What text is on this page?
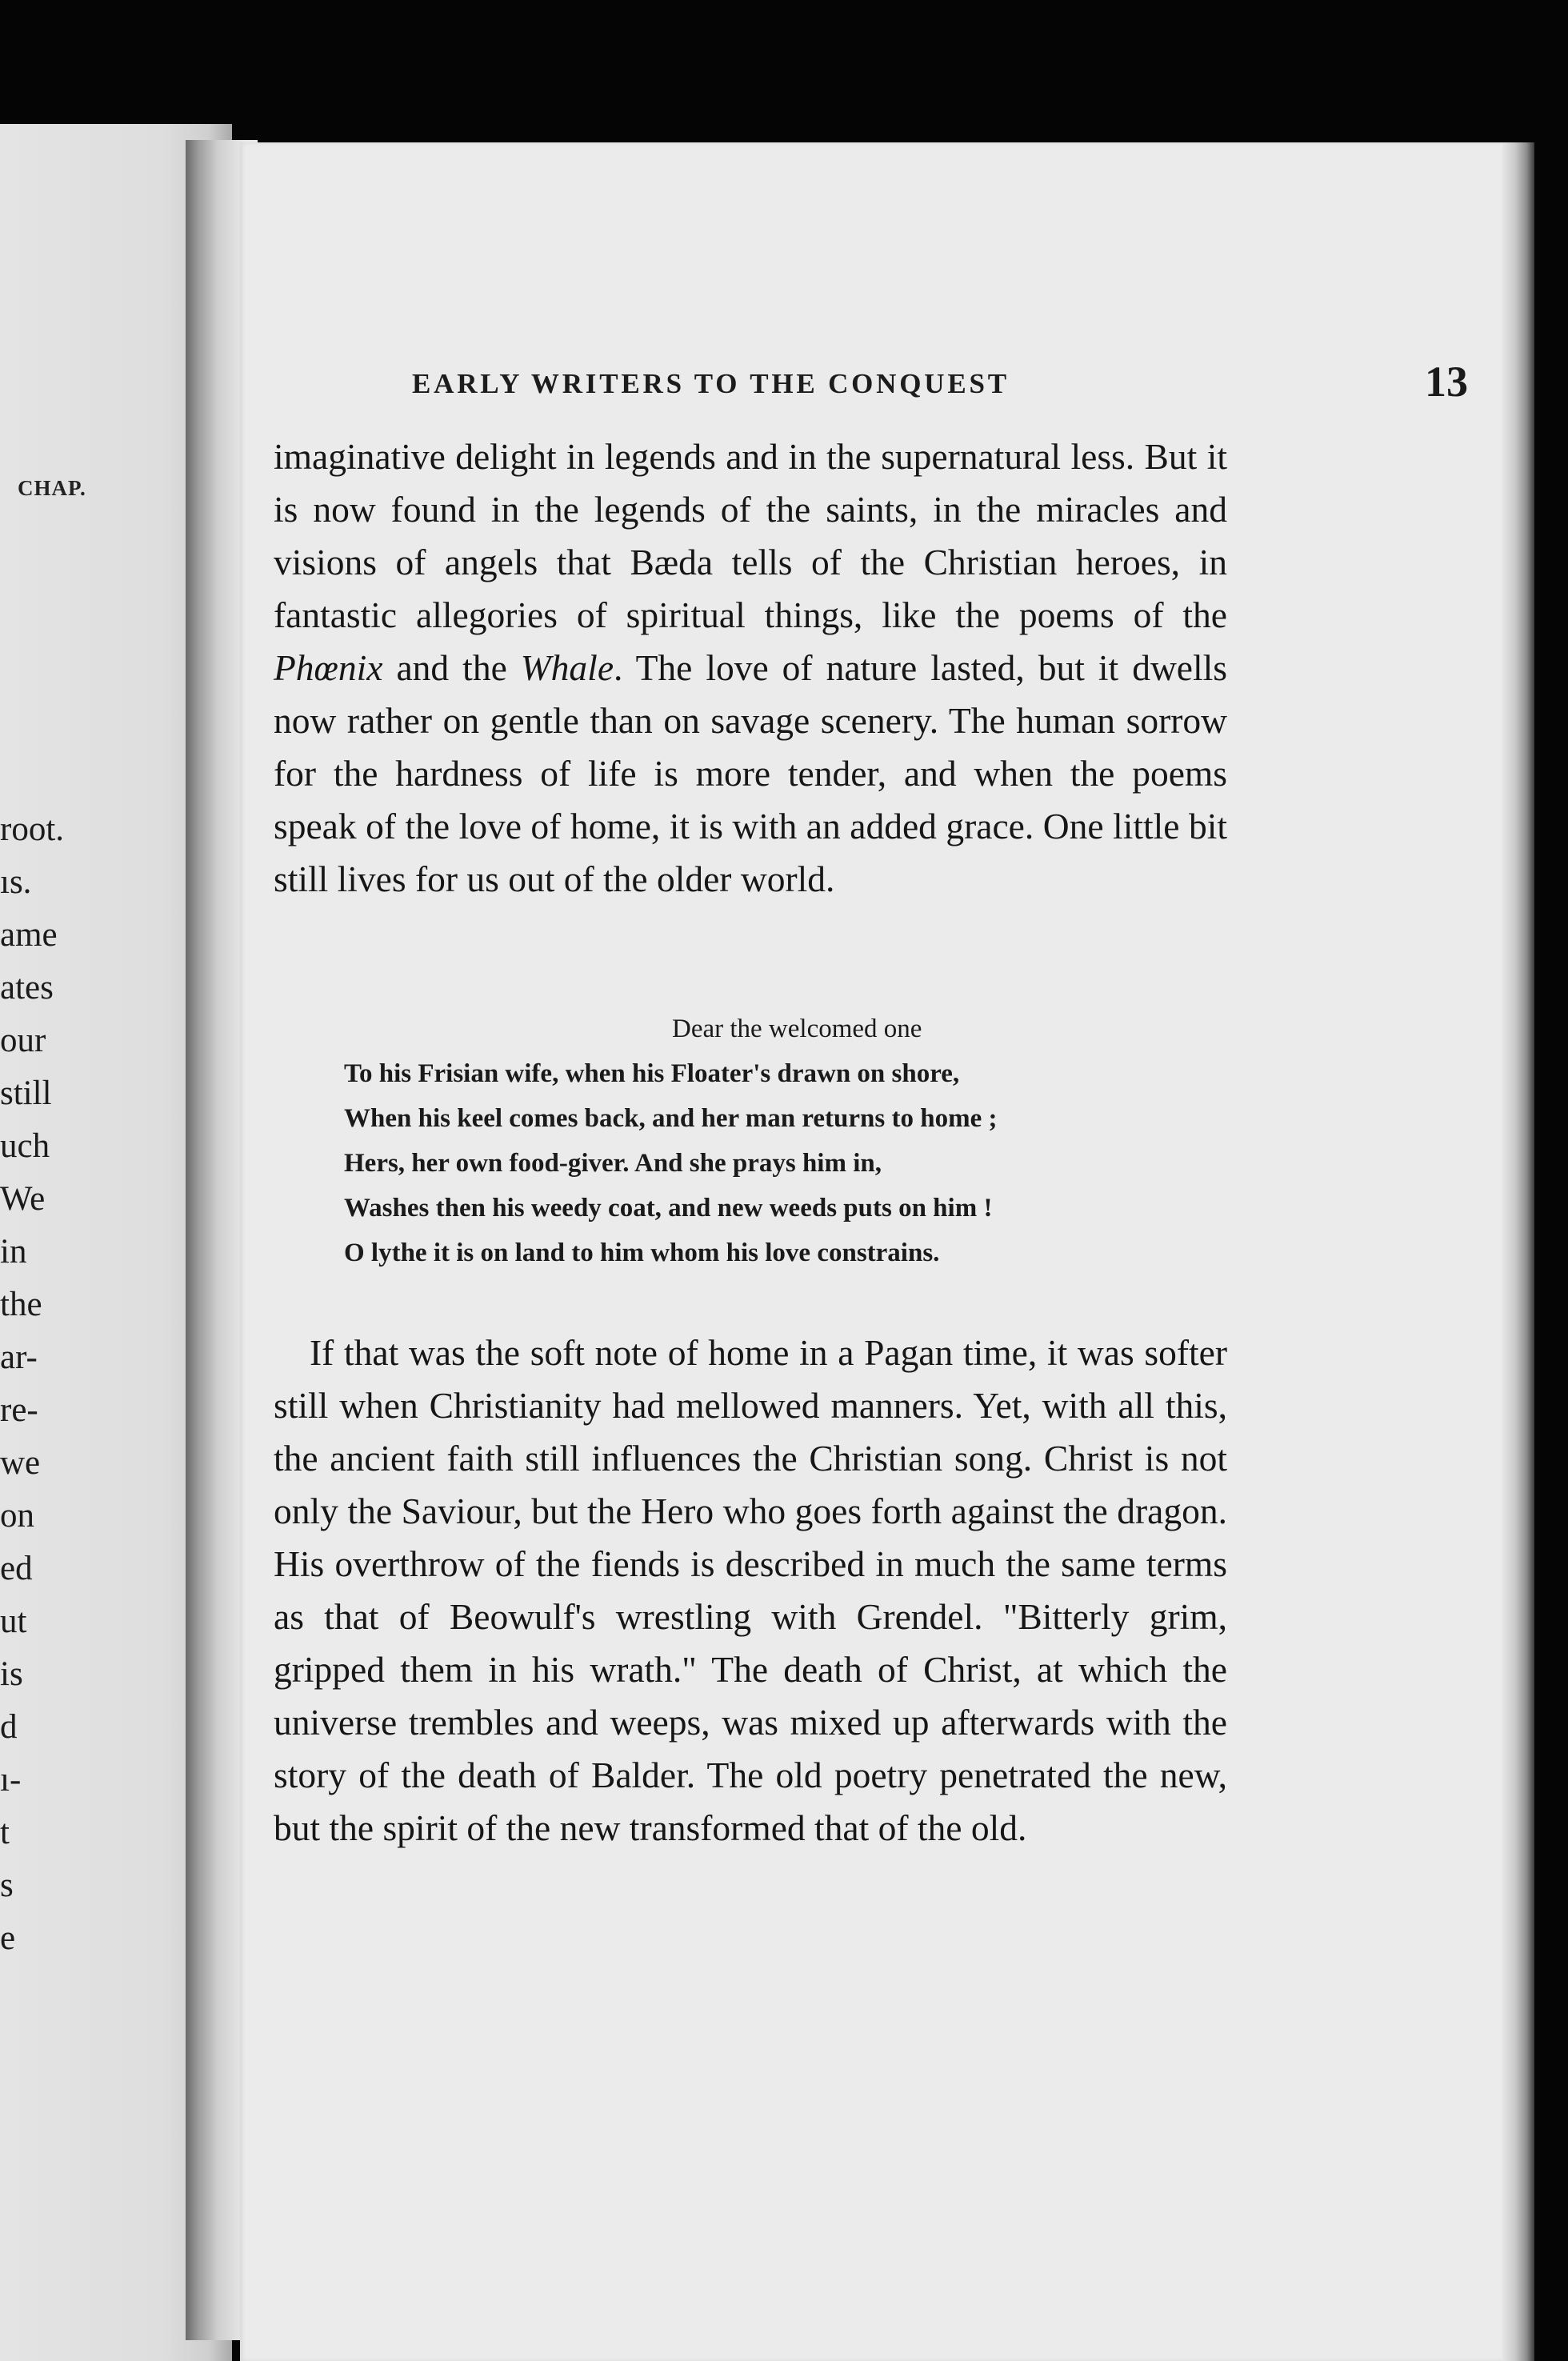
CHAP.
root.
ıs.
ame
ates
our
still
uch
We
in
the
ar-
re-
we
on
ed
ut
is
d
ı-
t
s
e
EARLY WRITERS TO THE CONQUEST	13

imaginative delight in legends and in the supernatural less. But it is now found in the legends of the saints, in the miracles and visions of angels that Bæda tells of the Christian heroes, in fantastic allegories of spiritual things, like the poems of the Phœnix and the Whale. The love of nature lasted, but it dwells now rather on gentle than on savage scenery. The human sorrow for the hardness of life is more tender, and when the poems speak of the love of home, it is with an added grace. One little bit still lives for us out of the older world.

Dear the welcomed one
To his Frisian wife, when his Floater's drawn on shore,
When his keel comes back, and her man returns to home ;
Hers, her own food-giver. And she prays him in,
Washes then his weedy coat, and new weeds puts on him !
O lythe it is on land to him whom his love constrains.

If that was the soft note of home in a Pagan time, it was softer still when Christianity had mellowed manners. Yet, with all this, the ancient faith still influences the Christian song. Christ is not only the Saviour, but the Hero who goes forth against the dragon. His overthrow of the fiends is described in much the same terms as that of Beowulf's wrestling with Grendel. "Bitterly grim, gripped them in his wrath." The death of Christ, at which the universe trembles and weeps, was mixed up afterwards with the story of the death of Balder. The old poetry penetrated the new, but the spirit of the new transformed that of the old.
